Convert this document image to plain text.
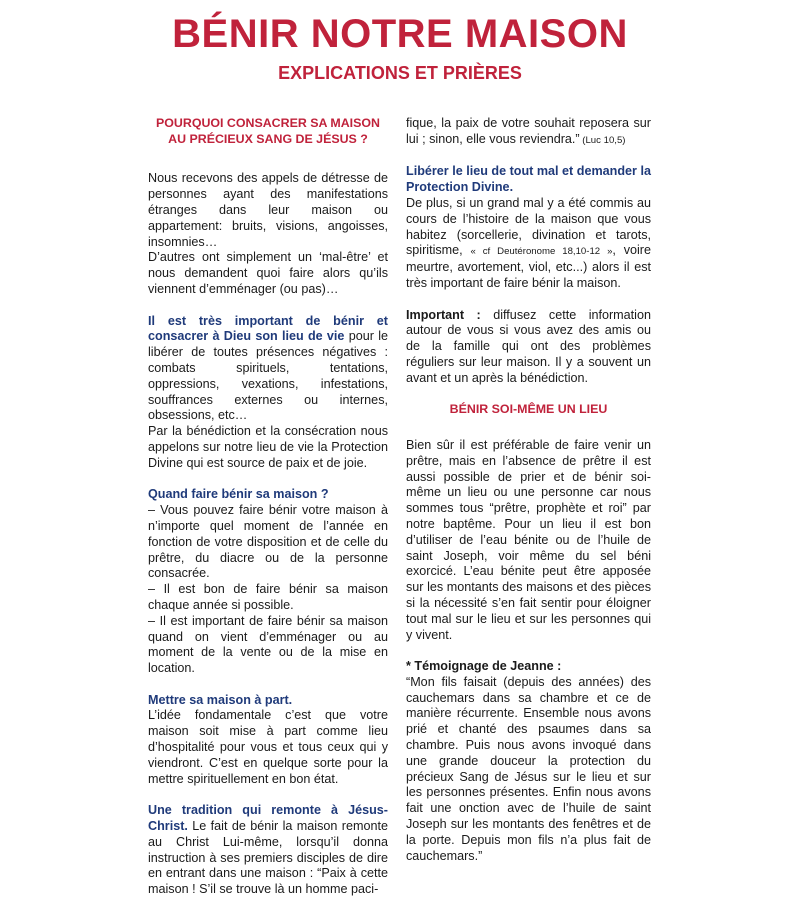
BÉNIR NOTRE MAISON
EXPLICATIONS ET PRIÈRES

POURQUOI CONSACRER SA MAISON

AU PRÉCIEUX SANG DE JÉSUS ?

Nous recevons des appels de détresse de personnes ayant des manifestations étranges dans leur maison ou appartement: bruits, visions, angoisses, insomnies…

D’autres ont simplement un ‘mal-être’ et nous demandent quoi faire alors qu’ils viennent d’emménager (ou pas)…

Il est très important de bénir et consacrer à Dieu son lieu de vie pour le libérer de toutes présences négatives : combats spirituels, tentations, oppressions, vexations, infestations, souffrances externes ou internes, obsessions, etc…

Par la bénédiction et la consécration nous appelons sur notre lieu de vie la Protection Divine qui est source de paix et de joie.

Quand faire bénir sa maison ?

– Vous pouvez faire bénir votre maison à n’importe quel moment de l’année en fonction de votre disposition et de celle du prêtre, du diacre ou de la personne consacrée.

– Il est bon de faire bénir sa maison chaque année si possible.

– Il est important de faire bénir sa maison quand on vient d’emménager ou au moment de la vente ou de la mise en location.

Mettre sa maison à part.

L’idée fondamentale c’est que votre maison soit mise à part comme lieu d’hospitalité pour vous et tous ceux qui y viendront. C’est en quelque sorte pour la mettre spirituellement en bon état.

Une tradition qui remonte à Jésus-Christ. Le fait de bénir la maison remonte au Christ Lui-même, lorsqu’il donna instruction à ses premiers disciples de dire en entrant dans une maison : “Paix à cette maison ! S’il se trouve là un homme paci-

fique, la paix de votre souhait reposera sur lui ; sinon, elle vous reviendra.” (Luc 10,5)

Libérer le lieu de tout mal et demander la Protection Divine.

De plus, si un grand mal y a été commis au cours de l’histoire de la maison que vous habitez (sorcellerie, divination et tarots, spiritisme, « cf Deutéronome 18,10-12 », voire meurtre, avortement, viol, etc...) alors il est très important de faire bénir la maison.

Important : diffusez cette information autour de vous si vous avez des amis ou de la famille qui ont des problèmes réguliers sur leur maison. Il y a souvent un avant et un après la bénédiction.

BÉNIR SOI-MÊME UN LIEU

Bien sûr il est préférable de faire venir un prêtre, mais en l’absence de prêtre il est aussi possible de prier et de bénir soi-même un lieu ou une personne car nous sommes tous “prêtre, prophète et roi” par notre baptême. Pour un lieu il est bon d’utiliser de l’eau bénite ou de l’huile de saint Joseph, voir même du sel béni exorcicé. L’eau bénite peut être apposée sur les montants des maisons et des pièces si la nécessité s’en fait sentir pour éloigner tout mal sur le lieu et sur les personnes qui y vivent.

* Témoignage de Jeanne :

“Mon fils faisait (depuis des années) des cauchemars dans sa chambre et ce de manière récurrente. Ensemble nous avons prié et chanté des psaumes dans sa chambre. Puis nous avons invoqué dans une grande douceur la protection du précieux Sang de Jésus sur le lieu et sur les personnes présentes. Enfin nous avons fait une onction avec de l’huile de saint Joseph sur les montants des fenêtres et de la porte. Depuis mon fils n’a plus fait de cauchemars.”
